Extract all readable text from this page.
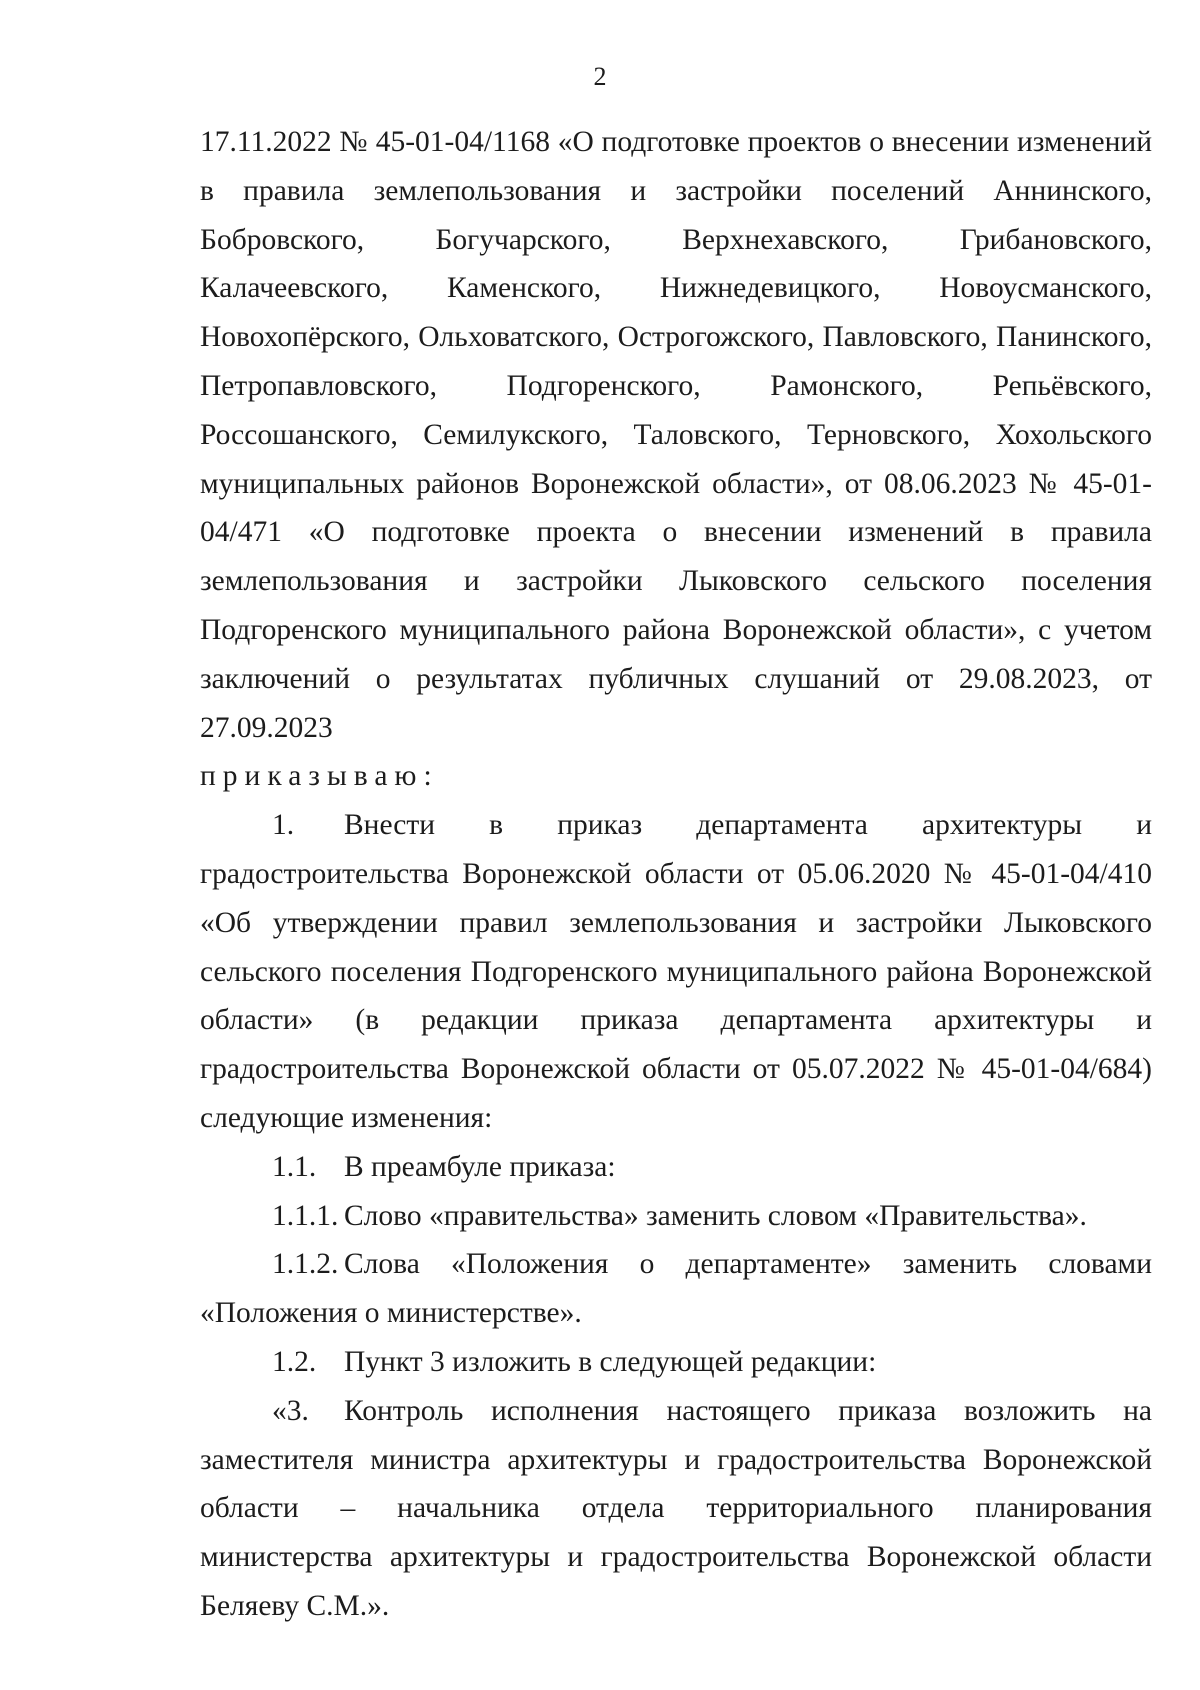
2

17.11.2022 № 45-01-04/1168 «О подготовке проектов о внесении изменений в правила землепользования и застройки поселений Аннинского, Бобровского, Богучарского, Верхнехавского, Грибановского, Калачеевского, Каменского, Нижнедевицкого, Новоусманского, Новохопёрского, Ольховатского, Острогожского, Павловского, Панинского, Петропавловского, Подгоренского, Рамонского, Репьёвского, Россошанского, Семилукского, Таловского, Терновского, Хохольского муниципальных районов Воронежской области», от 08.06.2023 № 45-01-04/471 «О подготовке проекта о внесении изменений в правила землепользования и застройки Лыковского сельского поселения Подгоренского муниципального района Воронежской области», с учетом заключений о результатах публичных слушаний от 29.08.2023, от 27.09.2023

приказываю:

1. Внести в приказ департамента архитектуры и градостроительства Воронежской области от 05.06.2020 № 45-01-04/410 «Об утверждении правил землепользования и застройки Лыковского сельского поселения Подгоренского муниципального района Воронежской области» (в редакции приказа департамента архитектуры и градостроительства Воронежской области от 05.07.2022 № 45-01-04/684) следующие изменения:

1.1. В преамбуле приказа:

1.1.1. Слово «правительства» заменить словом «Правительства».

1.1.2. Слова «Положения о департаменте» заменить словами «Положения о министерстве».

1.2. Пункт 3 изложить в следующей редакции:

«3. Контроль исполнения настоящего приказа возложить на заместителя министра архитектуры и градостроительства Воронежской области – начальника отдела территориального планирования министерства архитектуры и градостроительства Воронежской области Беляеву С.М.».
